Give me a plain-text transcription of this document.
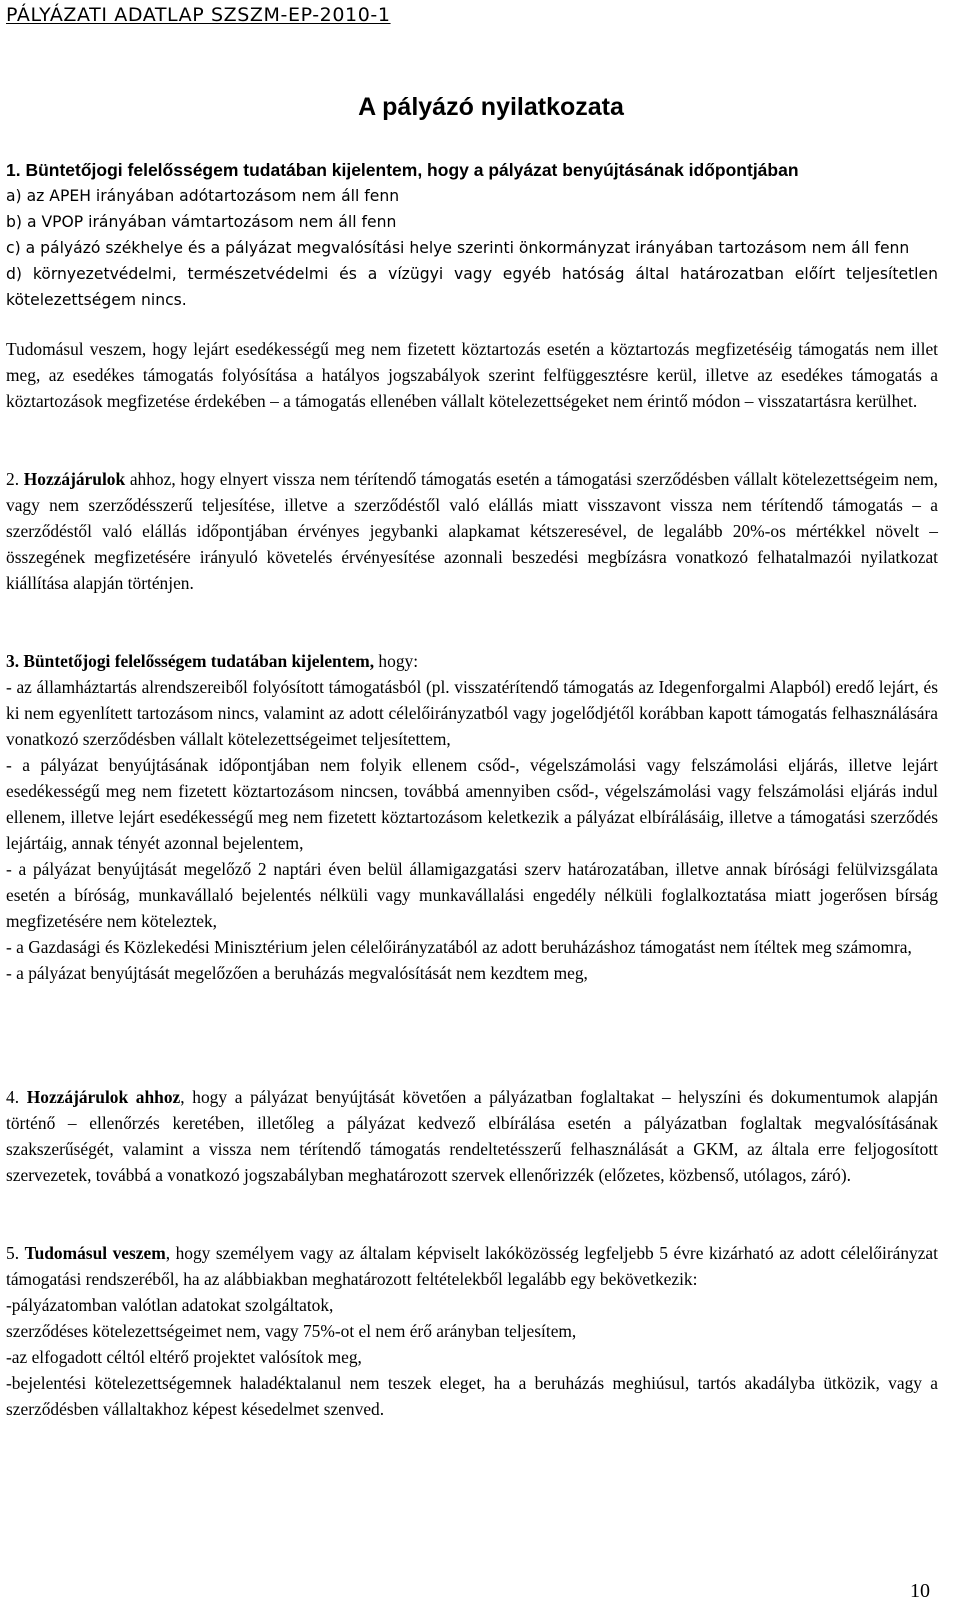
PÁLYÁZATI ADATLAP SZSZM-EP-2010-1
A pályázó nyilatkozata

1. Büntetőjogi felelősségem tudatában kijelentem, hogy a pályázat benyújtásának időpontjában

a) az APEH irányában adótartozásom nem áll fenn

b) a VPOP irányában vámtartozásom nem áll fenn

c) a pályázó székhelye és a pályázat megvalósítási helye szerinti önkormányzat irányában tartozásom nem áll fenn

d) környezetvédelmi, természetvédelmi és a vízügyi vagy egyéb hatóság által határozatban előírt teljesítetlen kötelezettségem nincs.

Tudomásul veszem, hogy lejárt esedékességű meg nem fizetett köztartozás esetén a köztartozás megfizetéséig támogatás nem illet meg, az esedékes támogatás folyósítása a hatályos jogszabályok szerint felfüggesztésre kerül, illetve az esedékes támogatás a köztartozások megfizetése érdekében – a támogatás ellenében vállalt kötelezettségeket nem érintő módon – visszatartásra kerülhet.

2. Hozzájárulok ahhoz, hogy elnyert vissza nem térítendő támogatás esetén a támogatási szerződésben vállalt kötelezettségeim nem, vagy nem szerződésszerű teljesítése, illetve a szerződéstől való elállás miatt visszavont vissza nem térítendő támogatás – a szerződéstől való elállás időpontjában érvényes jegybanki alapkamat kétszeresével, de legalább 20%-os mértékkel növelt – összegének megfizetésére irányuló követelés érvényesítése azonnali beszedési megbízásra vonatkozó felhatalmazói nyilatkozat kiállítása alapján történjen.

3. Büntetőjogi felelősségem tudatában kijelentem, hogy:

- az államháztartás alrendszereiből folyósított támogatásból (pl. visszatérítendő támogatás az Idegenforgalmi Alapból) eredő lejárt, és ki nem egyenlített tartozásom nincs, valamint az adott célelőirányzatból vagy jogelődjétől korábban kapott támogatás felhasználására vonatkozó szerződésben vállalt kötelezettségeimet teljesítettem,

- a pályázat benyújtásának időpontjában nem folyik ellenem csőd-, végelszámolási vagy felszámolási eljárás, illetve lejárt esedékességű meg nem fizetett köztartozásom nincsen, továbbá amennyiben csőd-, végelszámolási vagy felszámolási eljárás indul ellenem, illetve lejárt esedékességű meg nem fizetett köztartozásom keletkezik a pályázat elbírálásáig, illetve a támogatási szerződés lejártáig, annak tényét azonnal bejelentem,

- a pályázat benyújtását megelőző 2 naptári éven belül államigazgatási szerv határozatában, illetve annak bírósági felülvizsgálata esetén a bíróság, munkavállaló bejelentés nélküli vagy munkavállalási engedély nélküli foglalkoztatása miatt jogerősen bírság megfizetésére nem köteleztek,

- a Gazdasági és Közlekedési Minisztérium jelen célelőirányzatából az adott beruházáshoz támogatást nem ítéltek meg számomra,

- a pályázat benyújtását megelőzően a beruházás megvalósítását nem kezdtem meg,

4. Hozzájárulok ahhoz, hogy a pályázat benyújtását követően a pályázatban foglaltakat – helyszíni és dokumentumok alapján történő – ellenőrzés keretében, illetőleg a pályázat kedvező elbírálása esetén a pályázatban foglaltak megvalósításának szakszerűségét, valamint a vissza nem térítendő támogatás rendeltetésszerű felhasználását a GKM, az általa erre feljogosított szervezetek, továbbá a vonatkozó jogszabályban meghatározott szervek ellenőrizzék (előzetes, közbenső, utólagos, záró).

5. Tudomásul veszem, hogy személyem vagy az általam képviselt lakóközösség legfeljebb 5 évre kizárható az adott célelőirányzat támogatási rendszeréből, ha az alábbiakban meghatározott feltételekből legalább egy bekövetkezik:

-pályázatomban valótlan adatokat szolgáltatok,

szerződéses kötelezettségeimet nem, vagy 75%-ot el nem érő arányban teljesítem,

-az elfogadott céltól eltérő projektet valósítok meg,

-bejelentési kötelezettségemnek haladéktalanul nem teszek eleget, ha a beruházás meghiúsul, tartós akadályba ütközik, vagy a szerződésben vállaltakhoz képest késedelmet szenved.

10
